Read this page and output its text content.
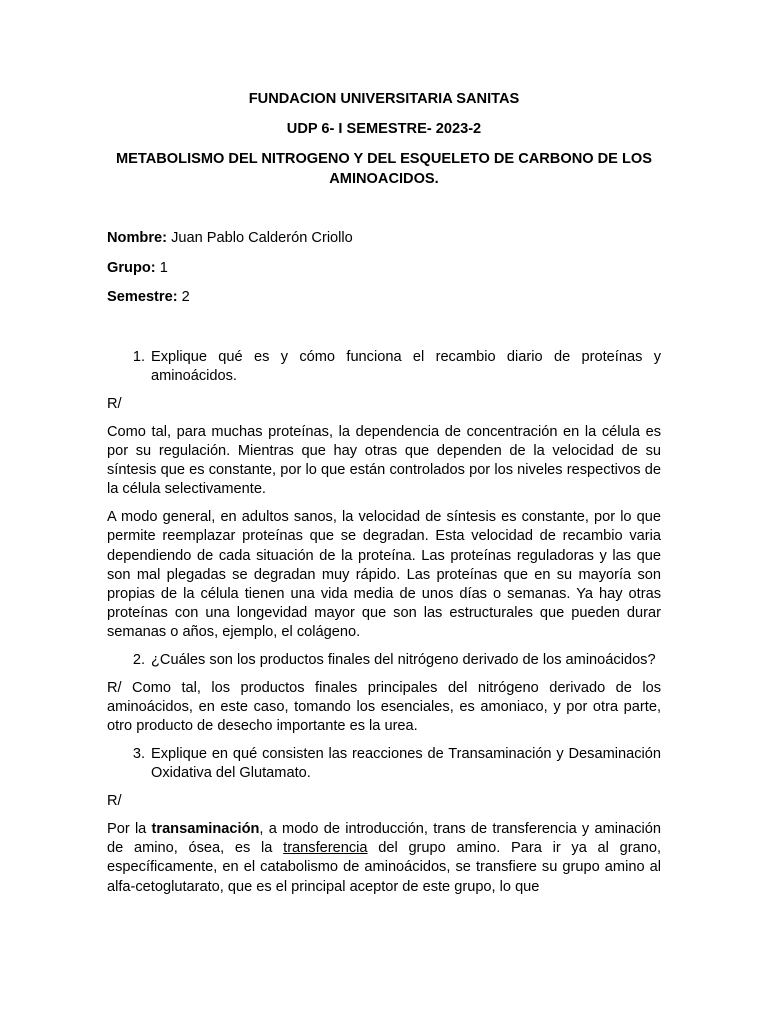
FUNDACION UNIVERSITARIA SANITAS
UDP 6- I SEMESTRE- 2023-2
METABOLISMO DEL NITROGENO Y DEL ESQUELETO DE CARBONO DE LOS AMINOACIDOS.
Nombre: Juan Pablo Calderón Criollo
Grupo: 1
Semestre: 2
1. Explique qué es y cómo funciona el recambio diario de proteínas y aminoácidos.

R/

Como tal, para muchas proteínas, la dependencia de concentración en la célula es por su regulación. Mientras que hay otras que dependen de la velocidad de su síntesis que es constante, por lo que están controlados por los niveles respectivos de la célula selectivamente.

A modo general, en adultos sanos, la velocidad de síntesis es constante, por lo que permite reemplazar proteínas que se degradan. Esta velocidad de recambio varia dependiendo de cada situación de la proteína. Las proteínas reguladoras y las que son mal plegadas se degradan muy rápido. Las proteínas que en su mayoría son propias de la célula tienen una vida media de unos días o semanas. Ya hay otras proteínas con una longevidad mayor que son las estructurales que pueden durar semanas o años, ejemplo, el colágeno.

2. ¿Cuáles son los productos finales del nitrógeno derivado de los aminoácidos?

R/ Como tal, los productos finales principales del nitrógeno derivado de los aminoácidos, en este caso, tomando los esenciales, es amoniaco, y por otra parte, otro producto de desecho importante es la urea.

3. Explique en qué consisten las reacciones de Transaminación y Desaminación Oxidativa del Glutamato.

R/

Por la transaminación, a modo de introducción, trans de transferencia y aminación de amino, ósea, es la transferencia del grupo amino. Para ir ya al grano, específicamente, en el catabolismo de aminoácidos, se transfiere su grupo amino al alfa-cetoglutarato, que es el principal aceptor de este grupo, lo que
